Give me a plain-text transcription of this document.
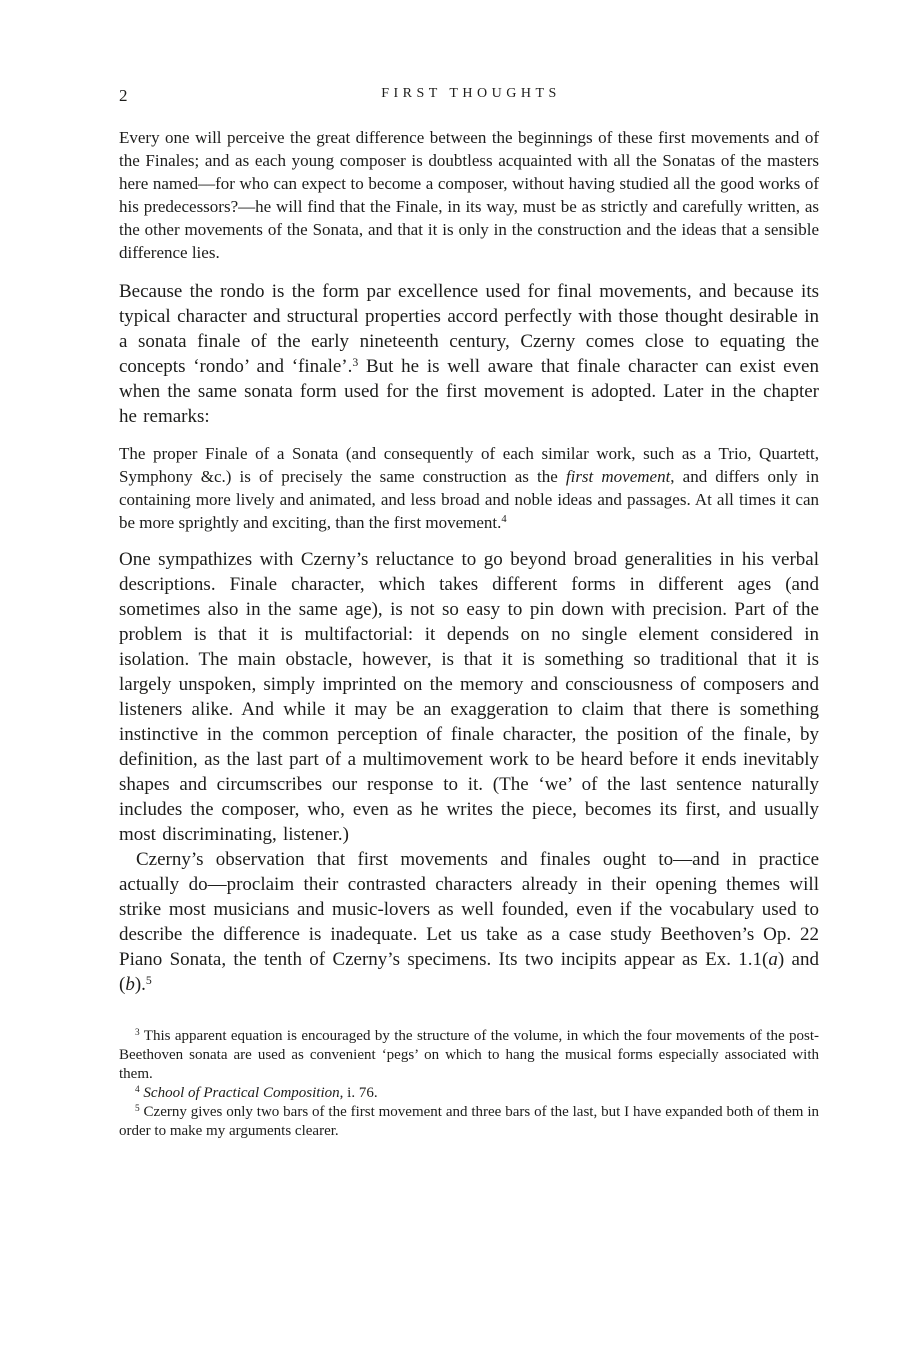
2	FIRST THOUGHTS

Every one will perceive the great difference between the beginnings of these first movements and of the Finales; and as each young composer is doubtless acquainted with all the Sonatas of the masters here named—for who can expect to become a composer, without having studied all the good works of his predecessors?—he will find that the Finale, in its way, must be as strictly and carefully written, as the other movements of the Sonata, and that it is only in the construction and the ideas that a sensible difference lies.

Because the rondo is the form par excellence used for final movements, and because its typical character and structural properties accord perfectly with those thought desirable in a sonata finale of the early nineteenth century, Czerny comes close to equating the concepts ‘rondo’ and ‘finale’.$^3$ But he is well aware that finale character can exist even when the same sonata form used for the first movement is adopted. Later in the chapter he remarks:

The proper Finale of a Sonata (and consequently of each similar work, such as a Trio, Quartett, Symphony &c.) is of precisely the same construction as the first movement, and differs only in containing more lively and animated, and less broad and noble ideas and passages. At all times it can be more sprightly and exciting, than the first movement.$^4$

One sympathizes with Czerny’s reluctance to go beyond broad generalities in his verbal descriptions. Finale character, which takes different forms in different ages (and sometimes also in the same age), is not so easy to pin down with precision. Part of the problem is that it is multifactorial: it depends on no single element considered in isolation. The main obstacle, however, is that it is something so traditional that it is largely unspoken, simply imprinted on the memory and consciousness of composers and listeners alike. And while it may be an exaggeration to claim that there is something instinctive in the common perception of finale character, the position of the finale, by definition, as the last part of a multimovement work to be heard before it ends inevitably shapes and circumscribes our response to it. (The ‘we’ of the last sentence naturally includes the composer, who, even as he writes the piece, becomes its first, and usually most discriminating, listener.)

Czerny’s observation that first movements and finales ought to—and in practice actually do—proclaim their contrasted characters already in their opening themes will strike most musicians and music-lovers as well founded, even if the vocabulary used to describe the difference is inadequate. Let us take as a case study Beethoven’s Op. 22 Piano Sonata, the tenth of Czerny’s specimens. Its two incipits appear as Ex. 1.1(a) and (b).$^5$

$^3$ This apparent equation is encouraged by the structure of the volume, in which the four movements of the post-Beethoven sonata are used as convenient ‘pegs’ on which to hang the musical forms especially associated with them.

$^4$ School of Practical Composition, i. 76.

$^5$ Czerny gives only two bars of the first movement and three bars of the last, but I have expanded both of them in order to make my arguments clearer.
